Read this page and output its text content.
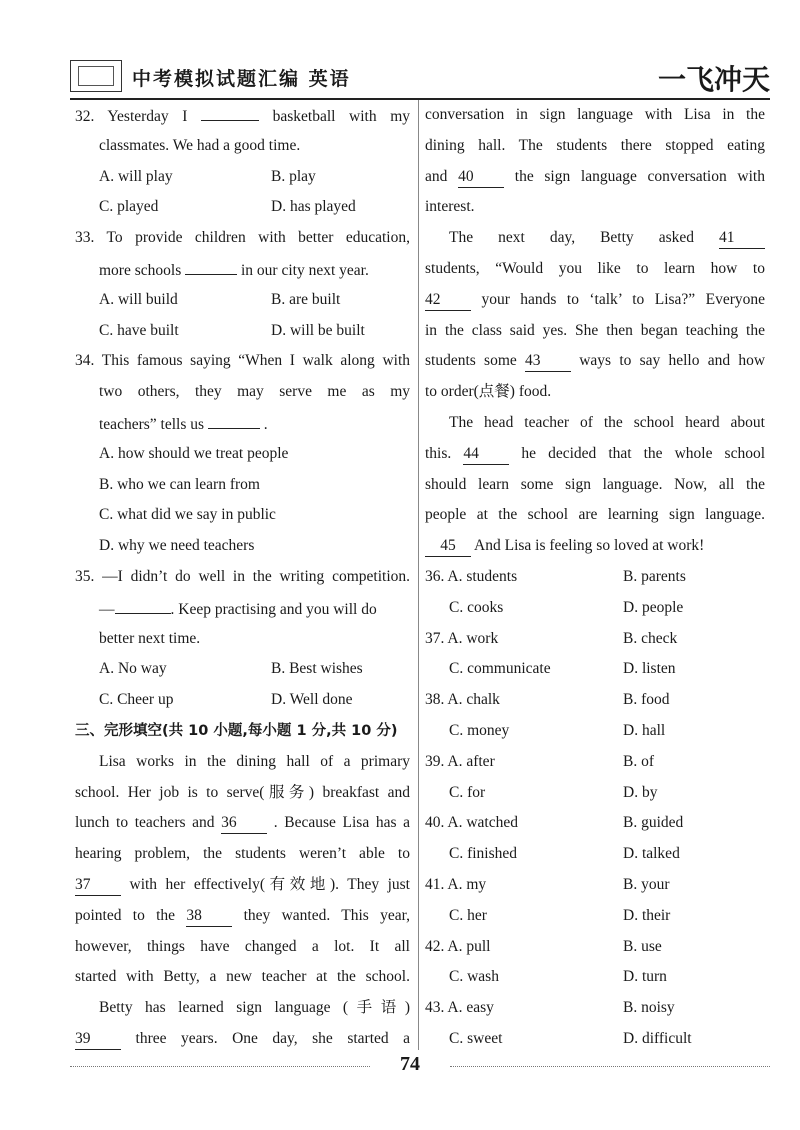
中考模拟试题汇编 英语	一飞冲天
32. Yesterday I	basketball with my
classmates. We had a good time.
A. will play	B. play
C. played	D. has played
33. To provide children with better education,
more schools	in our city next year.
A. will build	B. are built
C. have built	D. will be built
34. This famous saying “When I walk along with
two others, they may serve me as my
teachers” tells us	.
A. how should we treat people
B. who we can learn from
C. what did we say in public
D. why we need teachers
35. —I didn’t do well in the writing competition.
—	. Keep practising and you will do
better next time.
A. No way	B. Best wishes
C. Cheer up	D. Well done
三、完形填空(共 10 小题,每小题 1 分,共 10 分)
Lisa works in the dining hall of a primary
school. Her job is to serve(服务) breakfast and
lunch to teachers and 36 . Because Lisa has a
hearing problem, the students weren’t able to
37	with her effectively(有效地). They just
pointed to the 38	they wanted. This year,
however, things have changed a lot. It all
started with Betty, a new teacher at the school.
Betty has learned sign language (手语)
39	three years. One day, she started a
conversation in sign language with Lisa in the
dining hall. The students there stopped eating
and 40	the sign language conversation with
interest.
The next day, Betty asked 41
students, “Would you like to learn how to
42	your hands to ‘talk’ to Lisa?” Everyone
in the class said yes. She then began teaching the
students some 43 ways to say hello and how
to order(点餐) food.
The head teacher of the school heard about
this. 44	he decided that the whole school
should learn some sign language. Now, all the
people at the school are learning sign language.
45 And Lisa is feeling so loved at work!
36. A. students	B. parents
C. cooks	D. people
37. A. work	B. check
C. communicate	D. listen
38. A. chalk	B. food
C. money	D. hall
39. A. after	B. of
C. for	D. by
40. A. watched	B. guided
C. finished	D. talked
41. A. my	B. your
C. her	D. their
42. A. pull	B. use
C. wash	D. turn
43. A. easy	B. noisy
C. sweet	D. difficult
74
